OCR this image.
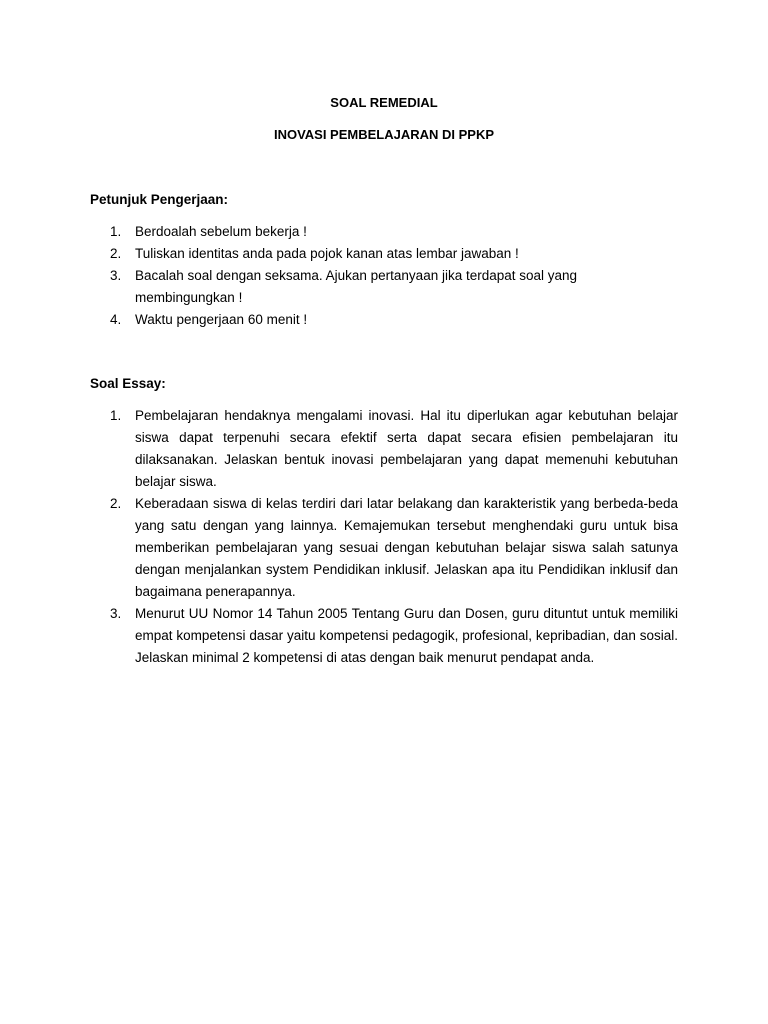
SOAL REMEDIAL

INOVASI PEMBELAJARAN DI PPKP

Petunjuk Pengerjaan:

1. Berdoalah sebelum bekerja !
2. Tuliskan identitas anda pada pojok kanan atas lembar jawaban !
3. Bacalah soal dengan seksama. Ajukan pertanyaan jika terdapat soal yang membingungkan !
4. Waktu pengerjaan 60 menit !

Soal Essay:

1. Pembelajaran hendaknya mengalami inovasi. Hal itu diperlukan agar kebutuhan belajar siswa dapat terpenuhi secara efektif serta dapat secara efisien pembelajaran itu dilaksanakan. Jelaskan bentuk inovasi pembelajaran yang dapat memenuhi kebutuhan belajar siswa.
2. Keberadaan siswa di kelas terdiri dari latar belakang dan karakteristik yang berbeda-beda yang satu dengan yang lainnya. Kemajemukan tersebut menghendaki guru untuk bisa memberikan pembelajaran yang sesuai dengan kebutuhan belajar siswa salah satunya dengan menjalankan system Pendidikan inklusif. Jelaskan apa itu Pendidikan inklusif dan bagaimana penerapannya.
3. Menurut UU Nomor 14 Tahun 2005 Tentang Guru dan Dosen, guru dituntut untuk memiliki empat kompetensi dasar yaitu kompetensi pedagogik, profesional, kepribadian, dan sosial. Jelaskan minimal 2 kompetensi di atas dengan baik menurut pendapat anda.
